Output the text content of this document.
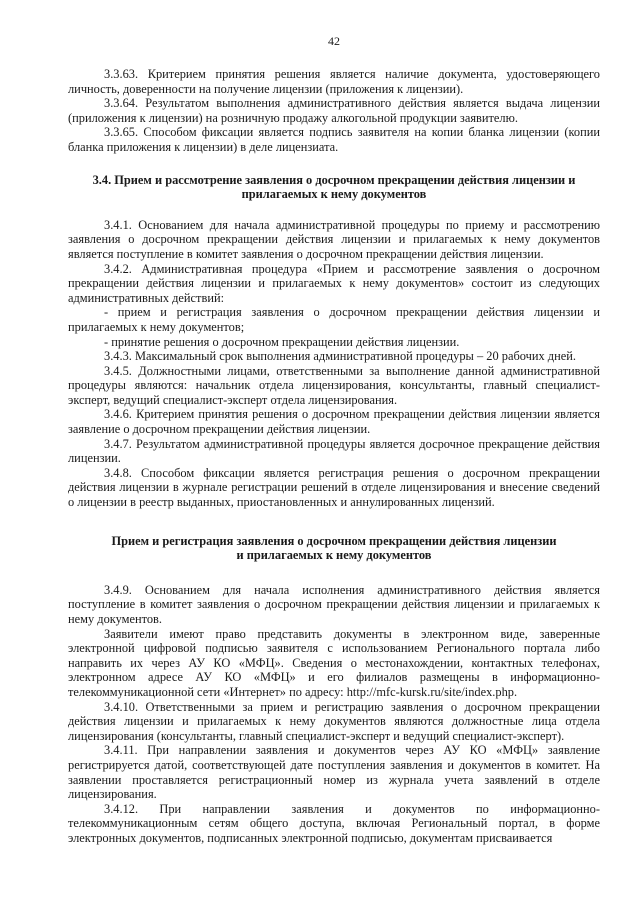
42

3.3.63. Критерием принятия решения является наличие документа, удостоверяющего личность, доверенности на получение лицензии (приложения к лицензии).

3.3.64. Результатом выполнения административного действия является выдача лицензии (приложения к лицензии) на розничную продажу алкогольной продукции заявителю.

3.3.65. Способом фиксации является подпись заявителя на копии бланка лицензии (копии бланка приложения к лицензии) в деле лицензиата.

3.4. Прием и рассмотрение заявления о досрочном прекращении действия лицензии и прилагаемых к нему документов

3.4.1. Основанием для начала административной процедуры по приему и рассмотрению заявления о досрочном прекращении действия лицензии и прилагаемых к нему документов является поступление в комитет заявления о досрочном прекращении действия лицензии.

3.4.2. Административная процедура «Прием и рассмотрение заявления о досрочном прекращении действия лицензии и прилагаемых к нему документов» состоит из следующих административных действий:

- прием и регистрация заявления о досрочном прекращении действия лицензии и прилагаемых к нему документов;

- принятие решения о досрочном прекращении действия лицензии.

3.4.3. Максимальный срок выполнения административной процедуры – 20 рабочих дней.

3.4.5. Должностными лицами, ответственными за выполнение данной административной процедуры являются: начальник отдела лицензирования, консультанты, главный специалист-эксперт, ведущий специалист-эксперт отдела лицензирования.

3.4.6. Критерием принятия решения о досрочном прекращении действия лицензии является заявление о досрочном прекращении действия лицензии.

3.4.7. Результатом административной процедуры является досрочное прекращение действия лицензии.

3.4.8. Способом фиксации является регистрация решения о досрочном прекращении действия лицензии в журнале регистрации решений в отделе лицензирования и внесение сведений о лицензии в реестр выданных, приостановленных и аннулированных лицензий.

Прием и регистрация заявления о досрочном прекращении действия лицензии и прилагаемых к нему документов

3.4.9. Основанием для начала исполнения административного действия является поступление в комитет заявления о досрочном прекращении действия лицензии и прилагаемых к нему документов.

Заявители имеют право представить документы в электронном виде, заверенные электронной цифровой подписью заявителя с использованием Регионального портала либо направить их через АУ КО «МФЦ». Сведения о местонахождении, контактных телефонах, электронном адресе АУ КО «МФЦ» и его филиалов размещены в информационно-телекоммуникационной сети «Интернет» по адресу: http://mfc-kursk.ru/site/index.php.

3.4.10. Ответственными за прием и регистрацию заявления о досрочном прекращении действия лицензии и прилагаемых к нему документов являются должностные лица отдела лицензирования (консультанты, главный специалист-эксперт и ведущий специалист-эксперт).

3.4.11. При направлении заявления и документов через АУ КО «МФЦ» заявление регистрируется датой, соответствующей дате поступления заявления и документов в комитет. На заявлении проставляется регистрационный номер из журнала учета заявлений в отделе лицензирования.

3.4.12. При направлении заявления и документов по информационно-телекоммуникационным сетям общего доступа, включая Региональный портал, в форме электронных документов, подписанных электронной подписью, документам присваивается
